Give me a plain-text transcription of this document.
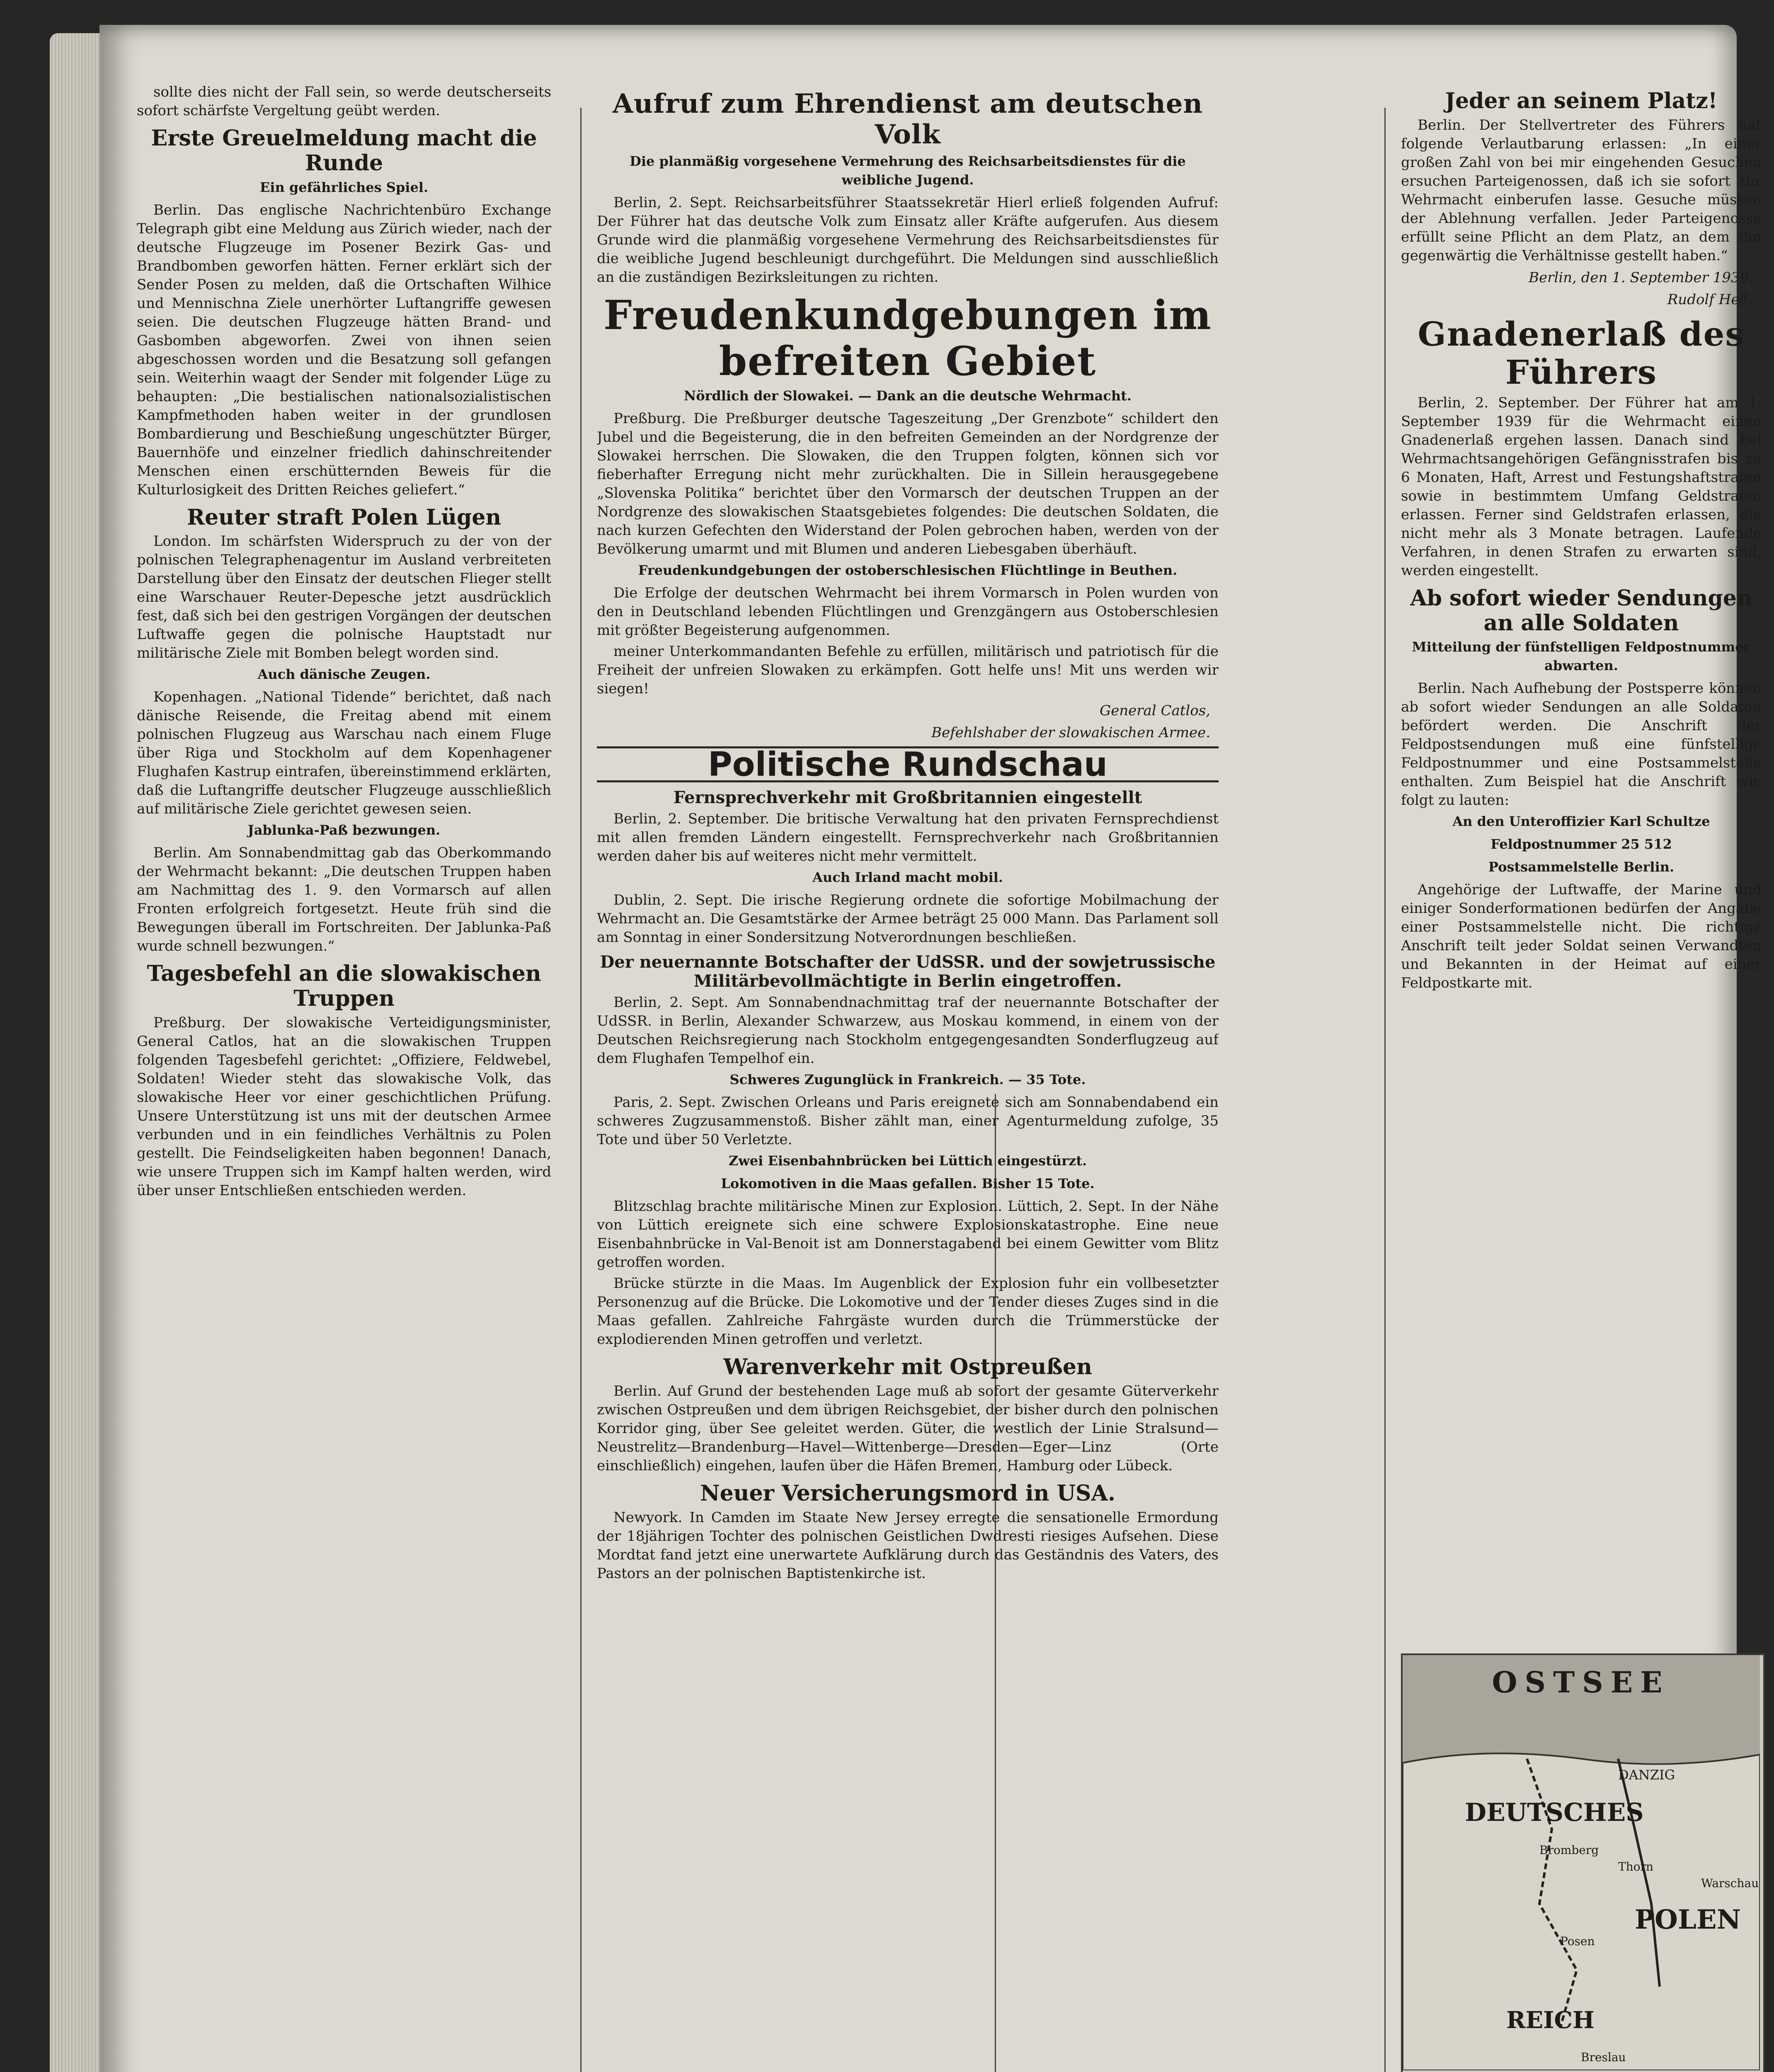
sollte dies nicht der Fall sein, so werde deutscherseits sofort schärfste Vergeltung geübt werden.

Erste Greuelmeldung macht die Runde
Ein gefährliches Spiel.

Berlin. Das englische Nachrichtenbüro Exchange Telegraph gibt eine Meldung aus Zürich wieder, nach der deutsche Flugzeuge im Posener Bezirk Gas- und Brandbomben geworfen hätten. Ferner erklärt sich der Sender Posen zu melden, daß die Ortschaften Wilhice und Mennischna Ziele unerhörter Luftangriffe gewesen seien. Die deutschen Flugzeuge hätten Brand- und Gasbomben abgeworfen. Zwei von ihnen seien abgeschossen worden und die Besatzung soll gefangen sein. Weiterhin waagt der Sender mit folgender Lüge zu behaupten: „Die bestialischen nationalsozialistischen Kampfmethoden haben weiter in der grundlosen Bombardierung und Beschießung ungeschützter Bürger, Bauernhöfe und einzelner friedlich dahinschreitender Menschen einen erschütternden Beweis für die Kulturlosigkeit des Dritten Reiches geliefert.“

Reuter straft Polen Lügen

London. Im schärfsten Widerspruch zu der von der polnischen Telegraphenagentur im Ausland verbreiteten Darstellung über den Einsatz der deutschen Flieger stellt eine Warschauer Reuter-Depesche jetzt ausdrücklich fest, daß sich bei den gestrigen Vorgängen der deutschen Luftwaffe gegen die polnische Hauptstadt nur militärische Ziele mit Bomben belegt worden sind.

Auch dänische Zeugen.

Kopenhagen. „National Tidende“ berichtet, daß nach dänische Reisende, die Freitag abend mit einem polnischen Flugzeug aus Warschau nach einem Fluge über Riga und Stockholm auf dem Kopenhagener Flughafen Kastrup eintrafen, übereinstimmend erklärten, daß die Luftangriffe deutscher Flugzeuge ausschließlich auf militärische Ziele gerichtet gewesen seien.

Jablunka-Paß bezwungen.

Berlin. Am Sonnabendmittag gab das Oberkommando der Wehrmacht bekannt: „Die deutschen Truppen haben am Nachmittag des 1. 9. den Vormarsch auf allen Fronten erfolgreich fortgesetzt. Heute früh sind die Bewegungen überall im Fortschreiten. Der Jablunka-Paß wurde schnell bezwungen.“

Tagesbefehl an die slowakischen Truppen

Preßburg. Der slowakische Verteidigungsminister, General Catlos, hat an die slowakischen Truppen folgenden Tagesbefehl gerichtet: „Offiziere, Feldwebel, Soldaten! Wieder steht das slowakische Volk, das slowakische Heer vor einer geschichtlichen Prüfung. Unsere Unterstützung ist uns mit der deutschen Armee verbunden und in ein feindliches Verhältnis zu Polen gestellt. Die Feindseligkeiten haben begonnen! Danach, wie unsere Truppen sich im Kampf halten werden, wird über unser Entschließen entschieden werden.

Aufruf zum Ehrendienst am deutschen Volk
Die planmäßig vorgesehene Vermehrung des Reichsarbeitsdienstes für die weibliche Jugend.

Berlin, 2. Sept. Reichsarbeitsführer Staatssekretär Hierl erließ folgenden Aufruf: Der Führer hat das deutsche Volk zum Einsatz aller Kräfte aufgerufen. Aus diesem Grunde wird die planmäßig vorgesehene Vermehrung des Reichsarbeitsdienstes für die weibliche Jugend beschleunigt durchgeführt. Die Meldungen sind ausschließlich an die zuständigen Bezirksleitungen zu richten.

Freudenkundgebungen im befreiten Gebiet
Nördlich der Slowakei. — Dank an die deutsche Wehrmacht.

Preßburg. Die Preßburger deutsche Tageszeitung „Der Grenzbote“ schildert den Jubel und die Begeisterung, die in den befreiten Gemeinden an der Nordgrenze der Slowakei herrschen. Die Slowaken, die den Truppen folgten, können sich vor fieberhafter Erregung nicht mehr zurückhalten. Die in Sillein herausgegebene „Slovenska Politika“ berichtet über den Vormarsch der deutschen Truppen an der Nordgrenze des slowakischen Staatsgebietes folgendes: Die deutschen Soldaten, die nach kurzen Gefechten den Widerstand der Polen gebrochen haben, werden von der Bevölkerung umarmt und mit Blumen und anderen Liebesgaben überhäuft.

Freudenkundgebungen der ostoberschlesischen Flüchtlinge in Beuthen.

Die Erfolge der deutschen Wehrmacht bei ihrem Vormarsch in Polen wurden von den in Deutschland lebenden Flüchtlingen und Grenzgängern aus Ostoberschlesien mit größter Begeisterung aufgenommen.

meiner Unterkommandanten Befehle zu erfüllen, militärisch und patriotisch für die Freiheit der unfreien Slowaken zu erkämpfen. Gott helfe uns! Mit uns werden wir siegen!

General Catlos,
Befehlshaber der slowakischen Armee.
Politische Rundschau
Fernsprechverkehr mit Großbritannien eingestellt

Berlin, 2. September. Die britische Verwaltung hat den privaten Fernsprechdienst mit allen fremden Ländern eingestellt. Fernsprechverkehr nach Großbritannien werden daher bis auf weiteres nicht mehr vermittelt.

Auch Irland macht mobil.

Dublin, 2. Sept. Die irische Regierung ordnete die sofortige Mobilmachung der Wehrmacht an. Die Gesamtstärke der Armee beträgt 25 000 Mann. Das Parlament soll am Sonntag in einer Sondersitzung Notverordnungen beschließen.

Der neuernannte Botschafter der UdSSR. und der sowjetrussische Militärbevollmächtigte in Berlin eingetroffen.

Berlin, 2. Sept. Am Sonnabendnachmittag traf der neuernannte Botschafter der UdSSR. in Berlin, Alexander Schwarzew, aus Moskau kommend, in einem von der Deutschen Reichsregierung nach Stockholm entgegengesandten Sonderflugzeug auf dem Flughafen Tempelhof ein.

Schweres Zugunglück in Frankreich. — 35 Tote.

Paris, 2. Sept. Zwischen Orleans und Paris ereignete sich am Sonnabendabend ein schweres Zugzusammenstoß. Bisher zählt man, einer Agenturmeldung zufolge, 35 Tote und über 50 Verletzte.

Zwei Eisenbahnbrücken bei Lüttich eingestürzt.
Lokomotiven in die Maas gefallen. Bisher 15 Tote.

Blitzschlag brachte militärische Minen zur Explosion. Lüttich, 2. Sept. In der Nähe von Lüttich ereignete sich eine schwere Explosionskatastrophe. Eine neue Eisenbahnbrücke in Val-Benoit ist am Donnerstagabend bei einem Gewitter vom Blitz getroffen worden.

Brücke stürzte in die Maas. Im Augenblick der Explosion fuhr ein vollbesetzter Personenzug auf die Brücke. Die Lokomotive und der Tender dieses Zuges sind in die Maas gefallen. Zahlreiche Fahrgäste wurden durch die Trümmerstücke der explodierenden Minen getroffen und verletzt.

Warenverkehr mit Ostpreußen

Berlin. Auf Grund der bestehenden Lage muß ab sofort der gesamte Güterverkehr zwischen Ostpreußen und dem übrigen Reichsgebiet, der bisher durch den polnischen Korridor ging, über See geleitet werden. Güter, die westlich der Linie Stralsund—Neustrelitz—Brandenburg—Havel—Wittenberge—Dresden—Eger—Linz (Orte einschließlich) eingehen, laufen über die Häfen Bremen, Hamburg oder Lübeck.

Neuer Versicherungsmord in USA.

Newyork. In Camden im Staate New Jersey erregte die sensationelle Ermordung der 18jährigen Tochter des polnischen Geistlichen Dwdresti riesiges Aufsehen. Diese Mordtat fand jetzt eine unerwartete Aufklärung durch das Geständnis des Vaters, des Pastors an der polnischen Baptistenkirche ist.

Jeder an seinem Platz!

Berlin. Der Stellvertreter des Führers hat folgende Verlautbarung erlassen: „In einer großen Zahl von bei mir eingehenden Gesuchen ersuchen Parteigenossen, daß ich sie sofort zur Wehrmacht einberufen lasse. Gesuche müssen der Ablehnung verfallen. Jeder Parteigenosse erfüllt seine Pflicht an dem Platz, an dem ihn gegenwärtig die Verhältnisse gestellt haben.“

Berlin, den 1. September 1939.
Rudolf Heß.
Gnadenerlaß des Führers

Berlin, 2. September. Der Führer hat am 1. September 1939 für die Wehrmacht einen Gnadenerlaß ergehen lassen. Danach sind bei Wehrmachtsangehörigen Gefängnisstrafen bis zu 6 Monaten, Haft, Arrest und Festungshaftstrafen sowie in bestimmtem Umfang Geldstrafen erlassen. Ferner sind Geldstrafen erlassen, die nicht mehr als 3 Monate betragen. Laufende Verfahren, in denen Strafen zu erwarten sind, werden eingestellt.

Ab sofort wieder Sendungen an alle Soldaten
Mitteilung der fünfstelligen Feldpostnummer abwarten.

Berlin. Nach Aufhebung der Postsperre können ab sofort wieder Sendungen an alle Soldaten befördert werden. Die Anschrift der Feldpostsendungen muß eine fünfstellige Feldpostnummer und eine Postsammelstelle enthalten. Zum Beispiel hat die Anschrift wie folgt zu lauten:

An den Unteroffizier Karl Schultze
Feldpostnummer 25 512
Postsammelstelle Berlin.

Angehörige der Luftwaffe, der Marine und einiger Sonderformationen bedürfen der Angabe einer Postsammelstelle nicht. Die richtige Anschrift teilt jeder Soldat seinen Verwandten und Bekannten in der Heimat auf einer Feldpostkarte mit.

OSTSEE
DEUTSCHES
POLEN
REICH
DANZIG
Bromberg
Thorn
Posen
Breslau
Warschau
